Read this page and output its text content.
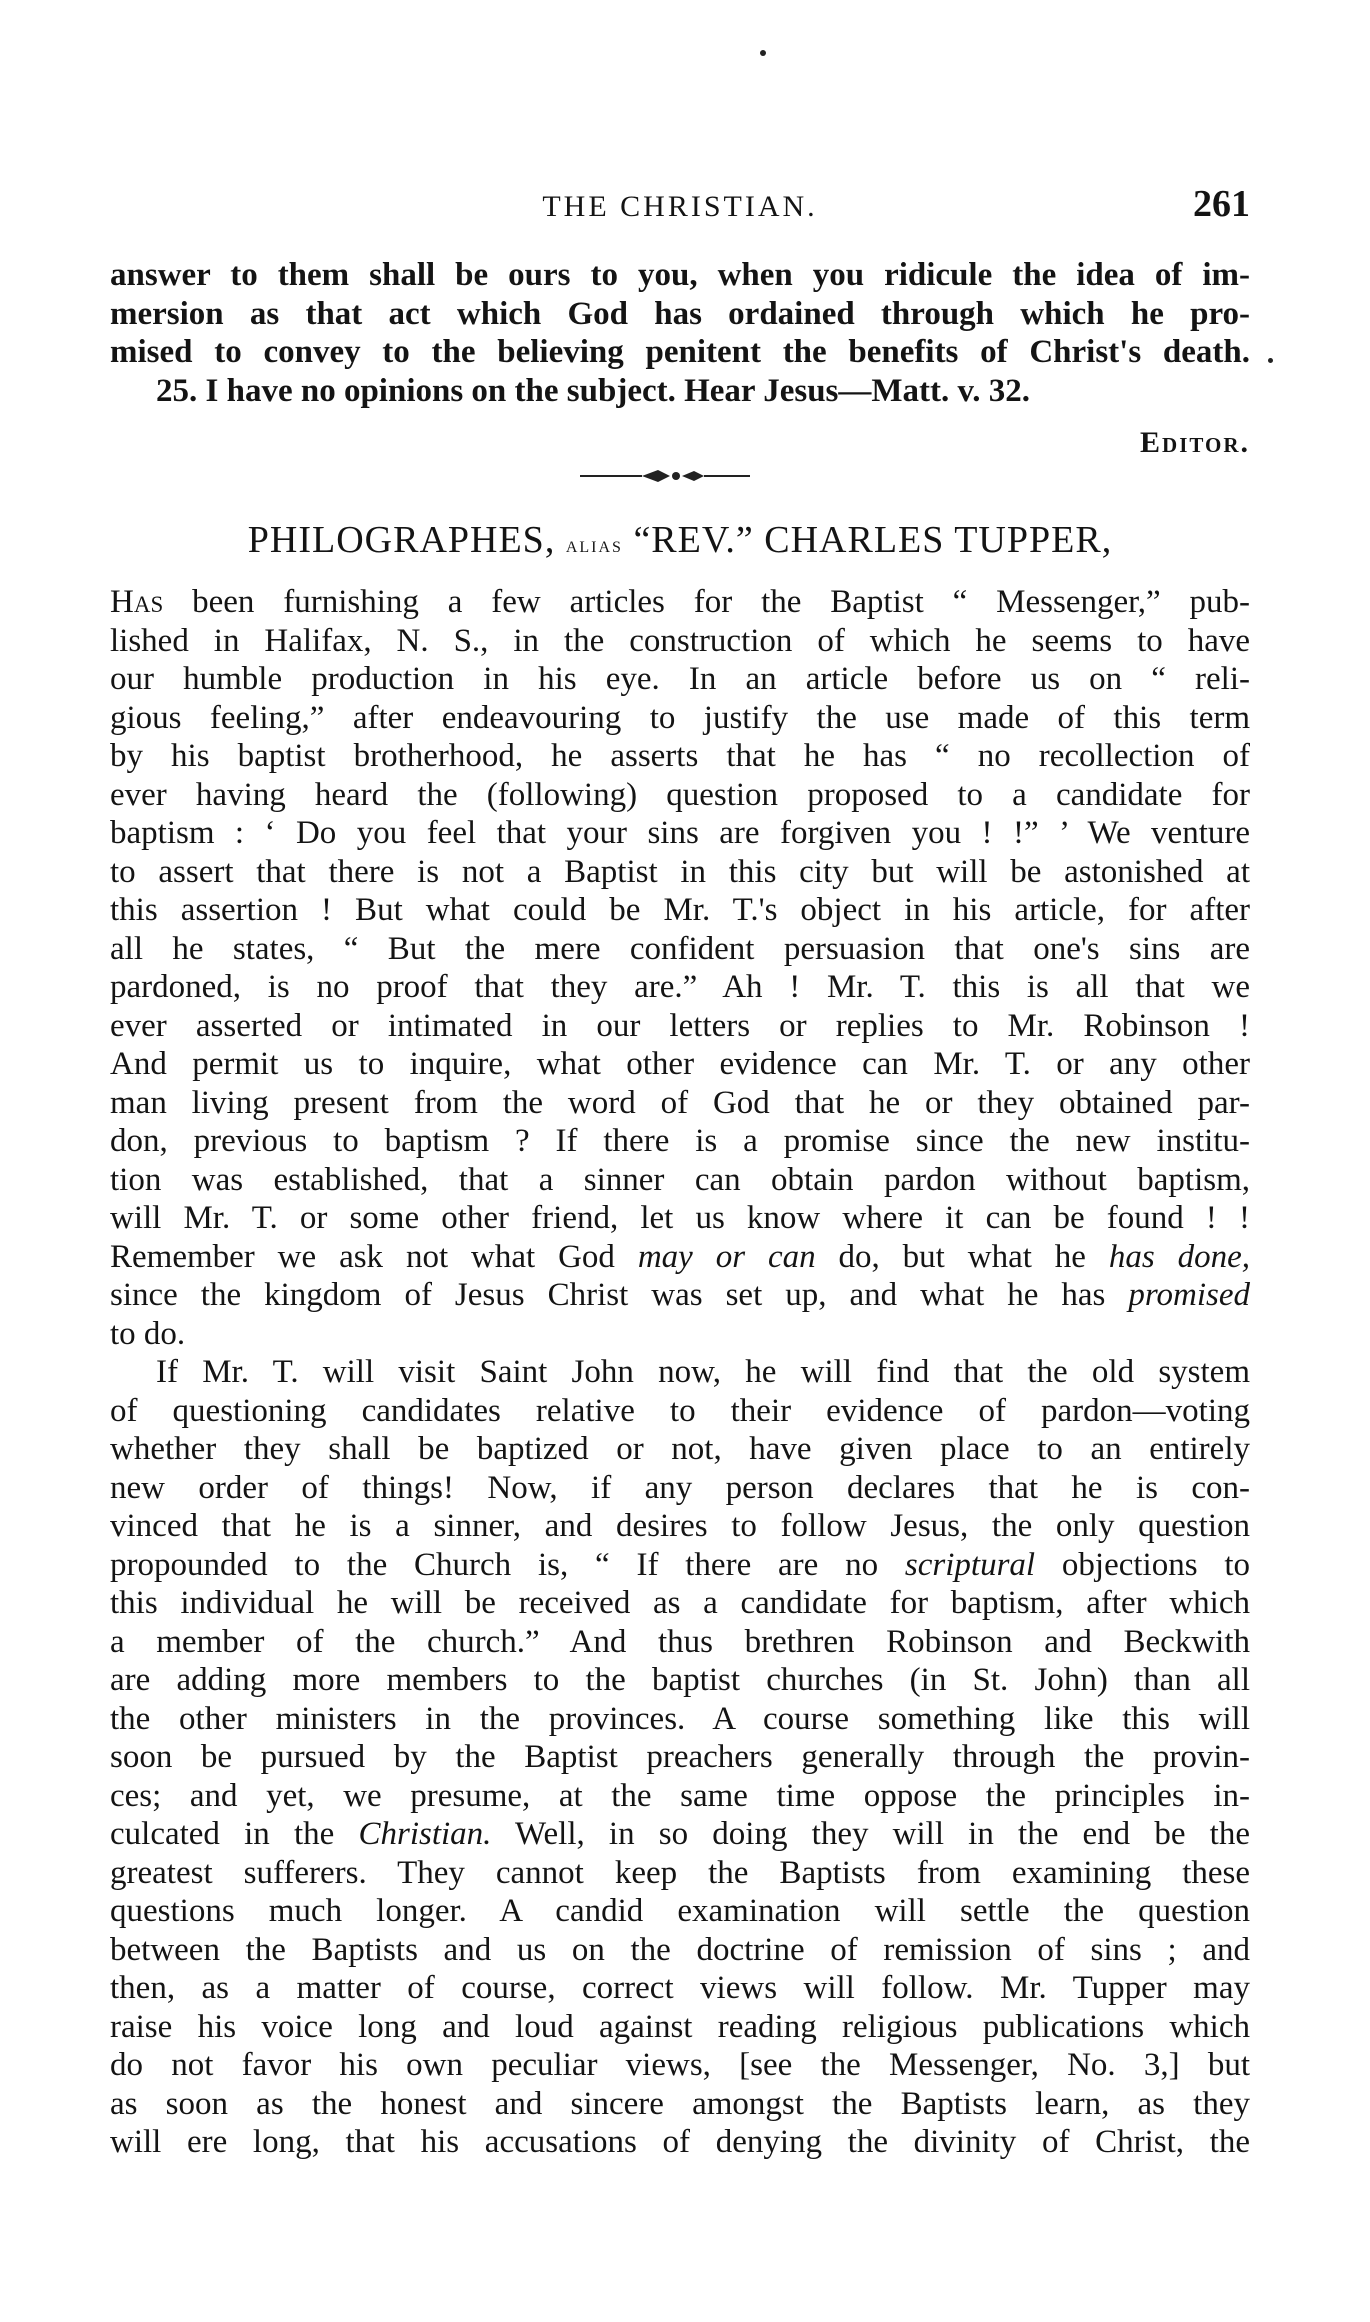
THE CHRISTIAN.	261
answer to them shall be ours to you, when you ridicule the idea of im-
mersion as that act which God has ordained through which he pro-
mised to convey to the believing penitent the benefits of Christ's death.
25. I have no opinions on the subject. Hear Jesus—Matt. v. 32.
Editor.
PHILOGRAPHES, alias “REV.” CHARLES TUPPER,
Has been furnishing a few articles for the Baptist “ Messenger,” pub-
lished in Halifax, N. S., in the construction of which he seems to have
our humble production in his eye. In an article before us on “ reli-
gious feeling,” after endeavouring to justify the use made of this term
by his baptist brotherhood, he asserts that he has “ no recollection of
ever having heard the (following) question proposed to a candidate for
baptism : ‘ Do you feel that your sins are forgiven you ! !” ’ We venture
to assert that there is not a Baptist in this city but will be astonished at
this assertion ! But what could be Mr. T.'s object in his article, for after
all he states, “ But the mere confident persuasion that one's sins are
pardoned, is no proof that they are.” Ah ! Mr. T. this is all that we
ever asserted or intimated in our letters or replies to Mr. Robinson !
And permit us to inquire, what other evidence can Mr. T. or any other
man living present from the word of God that he or they obtained par-
don, previous to baptism ? If there is a promise since the new institu-
tion was established, that a sinner can obtain pardon without baptism,
will Mr. T. or some other friend, let us know where it can be found ! !
Remember we ask not what God may or can do, but what he has done,
since the kingdom of Jesus Christ was set up, and what he has promised
to do.
If Mr. T. will visit Saint John now, he will find that the old system
of questioning candidates relative to their evidence of pardon—voting
whether they shall be baptized or not, have given place to an entirely
new order of things! Now, if any person declares that he is con-
vinced that he is a sinner, and desires to follow Jesus, the only question
propounded to the Church is, “ If there are no scriptural objections to
this individual he will be received as a candidate for baptism, after which
a member of the church.” And thus brethren Robinson and Beckwith
are adding more members to the baptist churches (in St. John) than all
the other ministers in the provinces. A course something like this will
soon be pursued by the Baptist preachers generally through the provin-
ces; and yet, we presume, at the same time oppose the principles in-
culcated in the Christian. Well, in so doing they will in the end be the
greatest sufferers. They cannot keep the Baptists from examining these
questions much longer. A candid examination will settle the question
between the Baptists and us on the doctrine of remission of sins ; and
then, as a matter of course, correct views will follow. Mr. Tupper may
raise his voice long and loud against reading religious publications which
do not favor his own peculiar views, [see the Messenger, No. 3,] but
as soon as the honest and sincere amongst the Baptists learn, as they
will ere long, that his accusations of denying the divinity of Christ, the
